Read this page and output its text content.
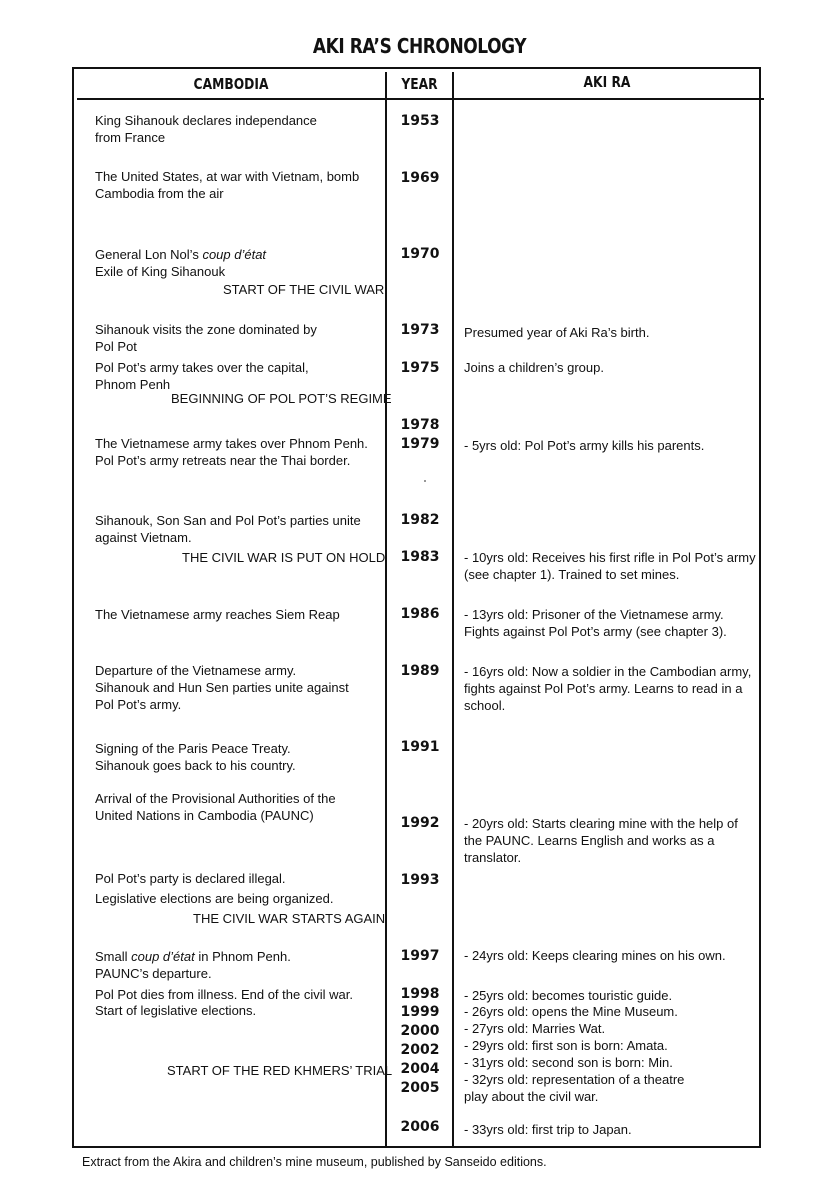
AKI RA’S CHRONOLOGY
CAMBODIA	YEAR	AKI RA
King Sihanouk declares independance
from France
The United States, at war with Vietnam, bomb
Cambodia from the air
General Lon Nol’s coup d’état
Exile of King Sihanouk
START OF THE CIVIL WAR
Sihanouk visits the zone dominated by
Pol Pot
Pol Pot’s army takes over the capital,
Phnom Penh
BEGINNING OF POL POT’S REGIME
The Vietnamese army takes over Phnom Penh.
Pol Pot’s army retreats near the Thai border.
Sihanouk, Son San and Pol Pot’s parties unite
against Vietnam.
THE CIVIL WAR IS PUT ON HOLD
The Vietnamese army reaches Siem Reap
Departure of the Vietnamese army.
Sihanouk and Hun Sen parties unite against
Pol Pot’s army.
Signing of the Paris Peace Treaty.
Sihanouk goes back to his country.
Arrival of the Provisional Authorities of the
United Nations in Cambodia (PAUNC)
Pol Pot’s party is declared illegal.
Legislative elections are being organized.
THE CIVIL WAR STARTS AGAIN
Small coup d’état in Phnom Penh.
PAUNC’s departure.
Pol Pot dies from illness. End of the civil war.
Start of legislative elections.
START OF THE RED KHMERS’ TRIAL
1953
1969
1970
1973
1975
1978
1979
1982
1983
1986
1989
1991
1992
1993
1997
1998
1999
2000
2002
2004
2005
2006
Presumed year of Aki Ra’s birth.
Joins a children’s group.
- 5yrs old: Pol Pot’s army kills his parents.
- 10yrs old: Receives his first rifle in Pol Pot’s army
(see chapter 1). Trained to set mines.
- 13yrs old: Prisoner of the Vietnamese army.
Fights against Pol Pot’s army (see chapter 3).
- 16yrs old: Now a soldier in the Cambodian army,
fights against Pol Pot’s army. Learns to read in a
school.
- 20yrs old: Starts clearing mine with the help of
the PAUNC. Learns English and works as a
translator.
- 24yrs old: Keeps clearing mines on his own.
- 25yrs old: becomes touristic guide.
- 26yrs old: opens the Mine Museum.
- 27yrs old: Marries Wat.
- 29yrs old: first son is born: Amata.
- 31yrs old: second son is born: Min.
- 32yrs old: representation of a theatre
play about the civil war.
- 33yrs old: first trip to Japan.
Extract from the Akira and children’s mine museum, published by Sanseido editions.
